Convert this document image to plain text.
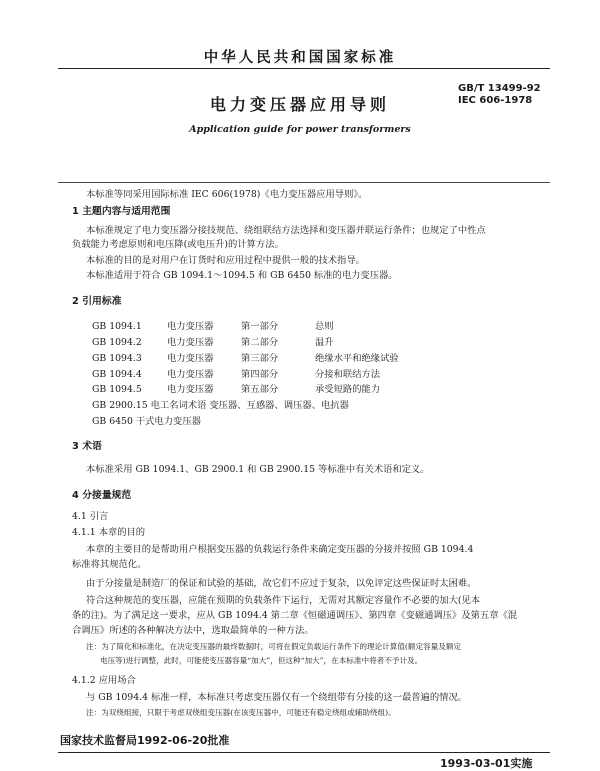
中华人民共和国国家标准
电力变压器应用导则
GB/T 13499-92
IEC 606-1978
Application guide for power transformers
本标准等同采用国际标准 IEC 606(1978)《电力变压器应用导则》。
1 主题内容与适用范围
本标准规定了电力变压器分接技规范、绕组联结方法选择和变压器并联运行条件；也规定了中性点
负载能力考虑原则和电压降(或电压升)的计算方法。
本标准的目的是对用户在订货时和应用过程中提供一般的技术指导。
本标准适用于符合 GB 1094.1～1094.5 和 GB 6450 标准的电力变压器。
2 引用标准
GB 1094.1	电力变压器	第一部分	总则
GB 1094.2	电力变压器	第二部分	温升
GB 1094.3	电力变压器	第三部分	绝缘水平和绝缘试验
GB 1094.4	电力变压器	第四部分	分接和联结方法
GB 1094.5	电力变压器	第五部分	承受短路的能力
GB 2900.15 电工名词术语 变压器、互感器、调压器、电抗器
GB 6450 干式电力变压器
3 术语
本标准采用 GB 1094.1、GB 2900.1 和 GB 2900.15 等标准中有关术语和定义。
4 分接量规范
4.1 引言
4.1.1 本章的目的
本章的主要目的是帮助用户根据变压器的负载运行条件来确定变压器的分接并按照 GB 1094.4
标准将其规范化。
由于分接量是制造厂的保证和试验的基础，故它们不应过于复杂，以免评定这些保证时太困难。
符合这种规范的变压器，应能在预期的负载条件下运行，无需对其额定容量作不必要的加大(见本
条的注)。为了满足这一要求，应从 GB 1094.4 第二章《恒磁通调压》、第四章《变磁通调压》及第五章《混
合调压》所述的各种解决方法中，选取最简单的一种方法。
注：为了简化和标准化，在决定变压器的最终数据时，可将在假定负载运行条件下的理论计算值(额定容量及额定
电压等)进行调整，此时，可能使变压器容量“加大”，但这种“加大”，在本标准中将者不予计及。
4.1.2 应用场合
与 GB 1094.4 标准一样，本标准只考虑变压器仅有一个绕组带有分接的这一最普遍的情况。
注：为双绕组接，只限于考虑双绕组变压器(在该变压器中，可能还有稳定绕组或辅助绕组)。
国家技术监督局1992-06-20批准
1993-03-01实施
